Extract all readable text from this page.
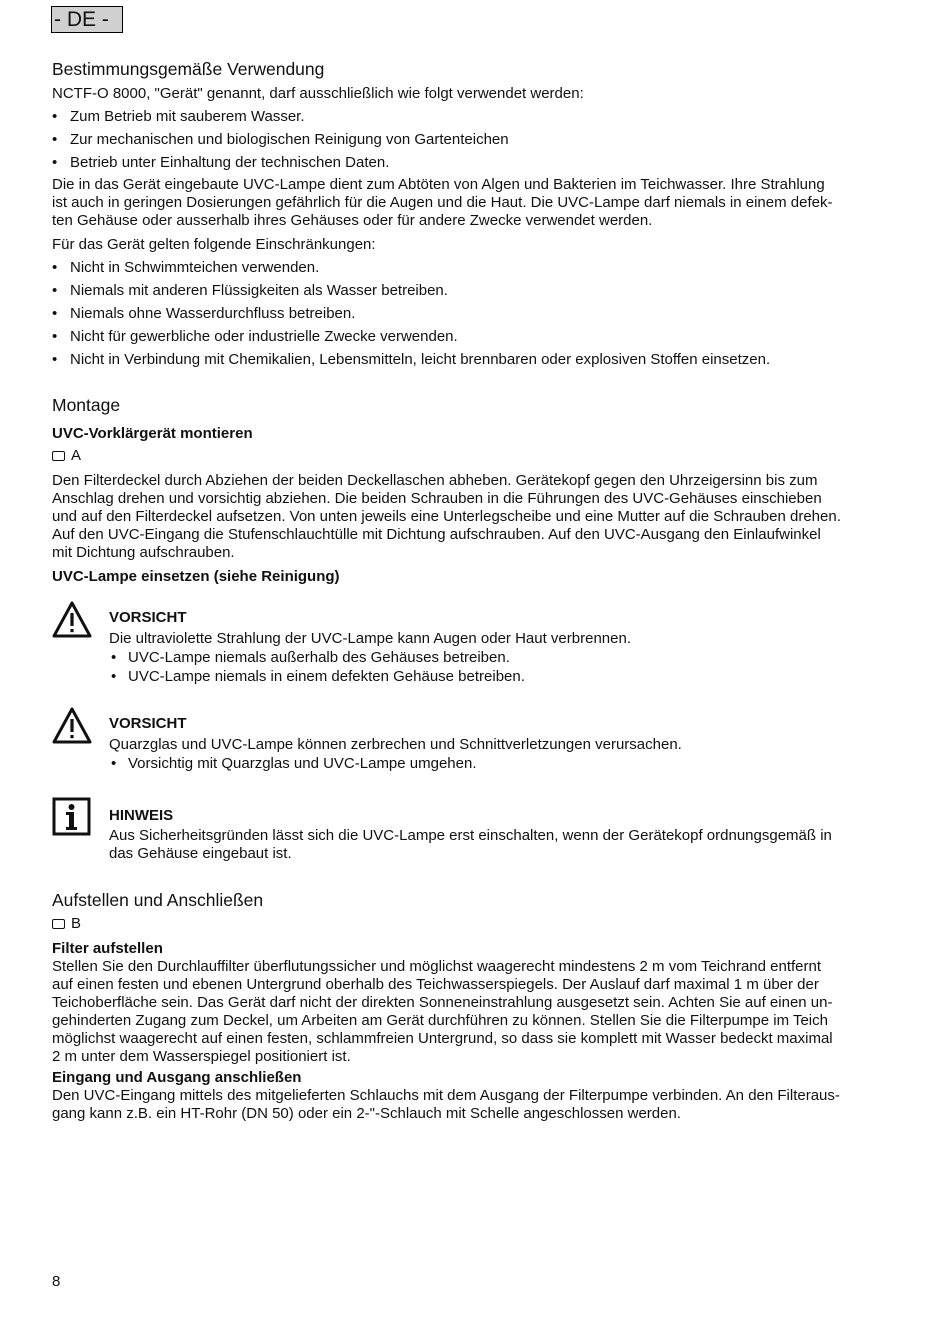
- DE -
Bestimmungsgemäße Verwendung

NCTF-O 8000, "Gerät" genannt, darf ausschließlich wie folgt verwendet werden:

• Zum Betrieb mit sauberem Wasser.
• Zur mechanischen und biologischen Reinigung von Gartenteichen
• Betrieb unter Einhaltung der technischen Daten.

Die in das Gerät eingebaute UVC-Lampe dient zum Abtöten von Algen und Bakterien im Teichwasser. Ihre Strahlung

ist auch in geringen Dosierungen gefährlich für die Augen und die Haut. Die UVC-Lampe darf niemals in einem defek-

ten Gehäuse oder ausserhalb ihres Gehäuses oder für andere Zwecke verwendet werden.

Für das Gerät gelten folgende Einschränkungen:

• Nicht in Schwimmteichen verwenden.
• Niemals mit anderen Flüssigkeiten als Wasser betreiben.
• Niemals ohne Wasserdurchfluss betreiben.
• Nicht für gewerbliche oder industrielle Zwecke verwenden.
• Nicht in Verbindung mit Chemikalien, Lebensmitteln, leicht brennbaren oder explosiven Stoffen einsetzen.
Montage
UVC-Vorklärgerät montieren
A

Den Filterdeckel durch Abziehen der beiden Deckellaschen abheben. Gerätekopf gegen den Uhrzeigersinn bis zum

Anschlag drehen und vorsichtig abziehen. Die beiden Schrauben in die Führungen des UVC-Gehäuses einschieben

und auf den Filterdeckel aufsetzen. Von unten jeweils eine Unterlegscheibe und eine Mutter auf die Schrauben drehen.

Auf den UVC-Eingang die Stufenschlauchtülle mit Dichtung aufschrauben. Auf den UVC-Ausgang den Einlaufwinkel

mit Dichtung aufschrauben.

UVC-Lampe einsetzen (siehe Reinigung)
VORSICHT

Die ultraviolette Strahlung der UVC-Lampe kann Augen oder Haut verbrennen.

• UVC-Lampe niemals außerhalb des Gehäuses betreiben.
• UVC-Lampe niemals in einem defekten Gehäuse betreiben.
VORSICHT

Quarzglas und UVC-Lampe können zerbrechen und Schnittverletzungen verursachen.

• Vorsichtig mit Quarzglas und UVC-Lampe umgehen.
HINWEIS

Aus Sicherheitsgründen lässt sich die UVC-Lampe erst einschalten, wenn der Gerätekopf ordnungsgemäß in

das Gehäuse eingebaut ist.

Aufstellen und Anschließen
B
Filter aufstellen

Stellen Sie den Durchlauffilter überflutungssicher und möglichst waagerecht mindestens 2 m vom Teichrand entfernt

auf einen festen und ebenen Untergrund oberhalb des Teichwasserspiegels. Der Auslauf darf maximal 1 m über der

Teichoberfläche sein. Das Gerät darf nicht der direkten Sonneneinstrahlung ausgesetzt sein. Achten Sie auf einen un-

gehinderten Zugang zum Deckel, um Arbeiten am Gerät durchführen zu können. Stellen Sie die Filterpumpe im Teich

möglichst waagerecht auf einen festen, schlammfreien Untergrund, so dass sie komplett mit Wasser bedeckt maximal

2 m unter dem Wasserspiegel positioniert ist.

Eingang und Ausgang anschließen

Den UVC-Eingang mittels des mitgelieferten Schlauchs mit dem Ausgang der Filterpumpe verbinden. An den Filteraus-

gang kann z.B. ein HT-Rohr (DN 50) oder ein 2-"-Schlauch mit Schelle angeschlossen werden.

8
